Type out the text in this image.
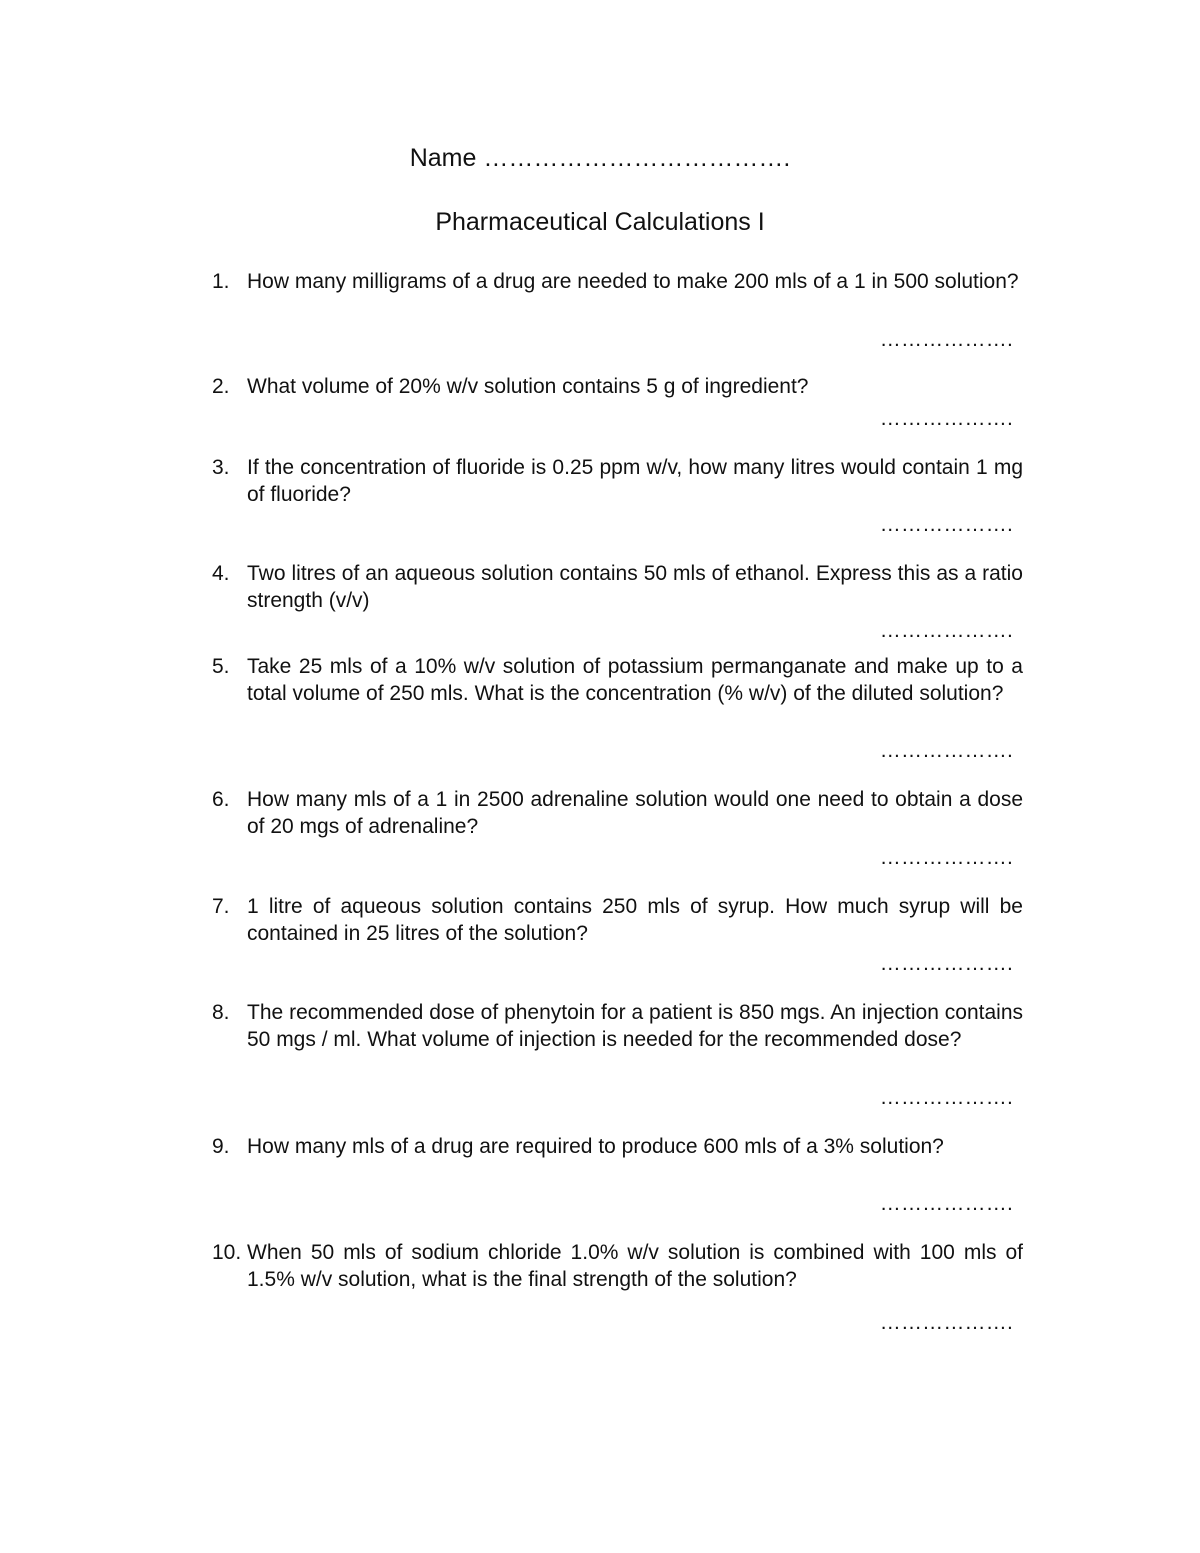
Name ……………………………….
Pharmaceutical Calculations I
1. How many milligrams of a drug are needed to make 200 mls of a 1 in 500 solution?
……………….
2. What volume of 20% w/v solution contains 5 g of ingredient?
……………….
3. If the concentration of fluoride is 0.25 ppm w/v, how many litres would contain 1 mg of fluoride?
……………….
4. Two litres of an aqueous solution contains 50 mls of ethanol. Express this as a ratio strength (v/v)
……………….
5. Take 25 mls of a 10% w/v solution of potassium permanganate and make up to a total volume of 250 mls. What is the concentration (% w/v) of the diluted solution?
……………….
6. How many mls of a 1 in 2500 adrenaline solution would one need to obtain a dose of 20 mgs of adrenaline?
……………….
7. 1 litre of aqueous solution contains 250 mls of syrup. How much syrup will be contained in 25 litres of the solution?
……………….
8. The recommended dose of phenytoin for a patient is 850 mgs. An injection contains 50 mgs / ml. What volume of injection is needed for the recommended dose?
……………….
9. How many mls of a drug are required to produce 600 mls of a 3% solution?
……………….
10. When 50 mls of sodium chloride 1.0% w/v solution is combined with 100 mls of 1.5% w/v solution, what is the final strength of the solution?
……………….
